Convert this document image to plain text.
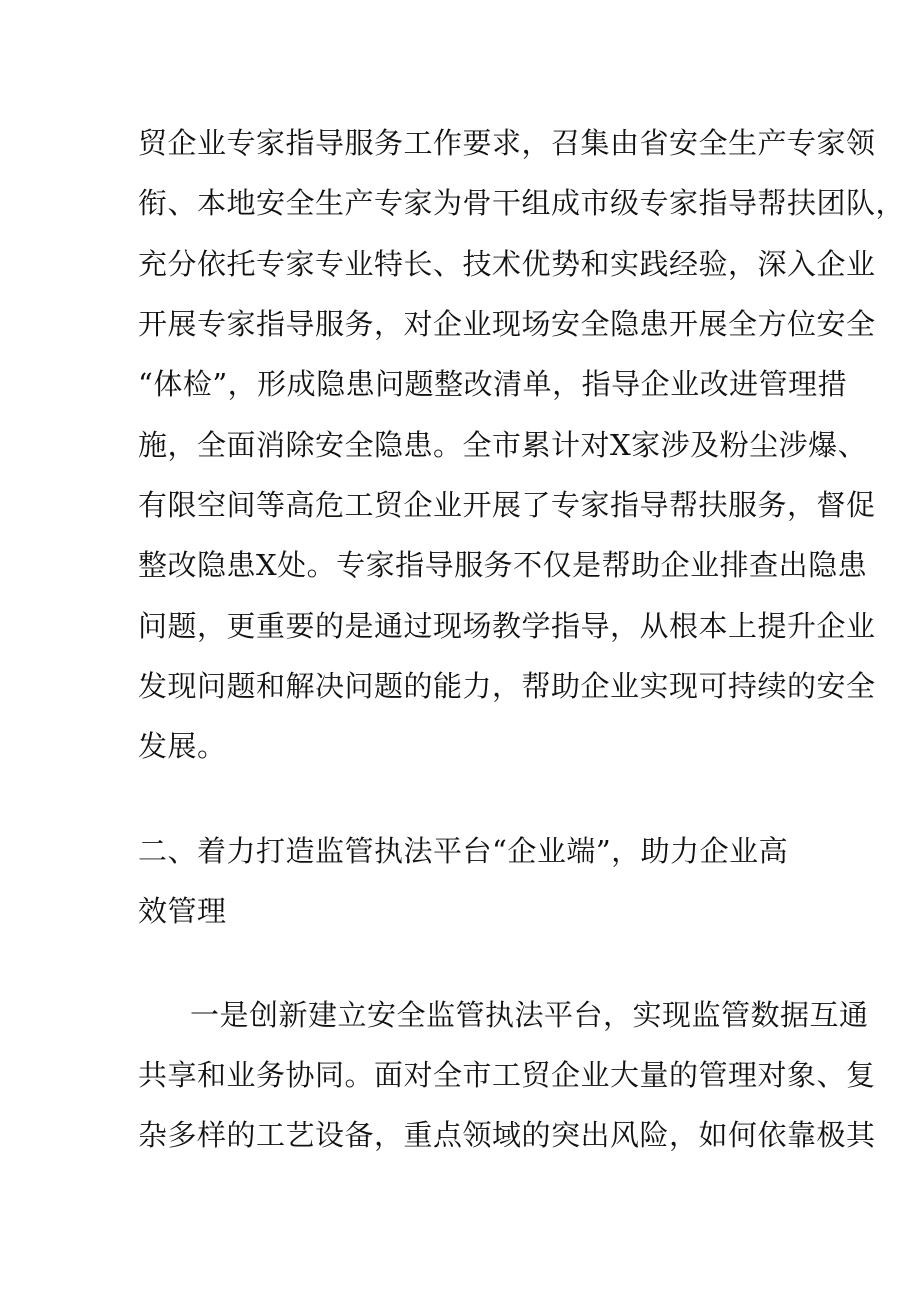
贸企业专家指导服务工作要求，召集由省安全生产专家领
衔、本地安全生产专家为骨干组成市级专家指导帮扶团队，
充分依托专家专业特长、技术优势和实践经验，深入企业
开展专家指导服务，对企业现场安全隐患开展全方位安全
“体检”，形成隐患问题整改清单，指导企业改进管理措
施，全面消除安全隐患。全市累计对X家涉及粉尘涉爆、
有限空间等高危工贸企业开展了专家指导帮扶服务，督促
整改隐患X处。专家指导服务不仅是帮助企业排查出隐患
问题，更重要的是通过现场教学指导，从根本上提升企业
发现问题和解决问题的能力，帮助企业实现可持续的安全
发展。
二、着力打造监管执法平台“企业端”，助力企业高
效管理
一是创新建立安全监管执法平台，实现监管数据互通
共享和业务协同。面对全市工贸企业大量的管理对象、复
杂多样的工艺设备，重点领域的突出风险，如何依靠极其
